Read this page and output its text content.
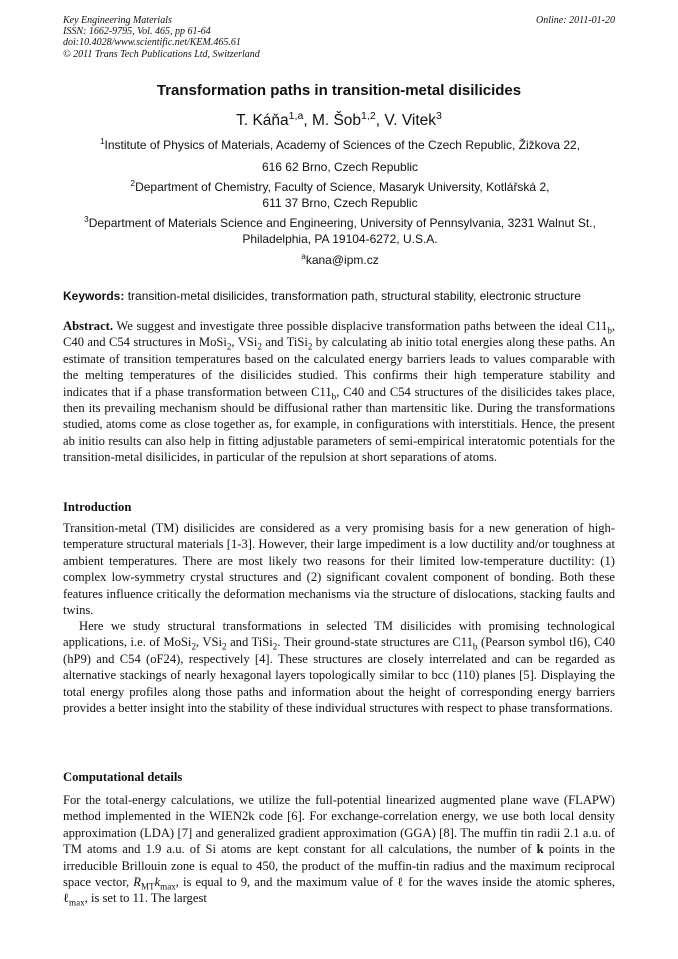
Key Engineering Materials
ISSN: 1662-9795, Vol. 465, pp 61-64
doi:10.4028/www.scientific.net/KEM.465.61
© 2011 Trans Tech Publications Ltd, Switzerland
Online: 2011-01-20
Transformation paths in transition-metal disilicides
T. Káňa$^{1,a}$, M. Šob$^{1,2}$, V. Vitek$^3$
$^1$Institute of Physics of Materials, Academy of Sciences of the Czech Republic, Žižkova 22,
616 62 Brno, Czech Republic
$^2$Department of Chemistry, Faculty of Science, Masaryk University, Kotlářská 2,
611 37 Brno, Czech Republic
$^3$Department of Materials Science and Engineering, University of Pennsylvania, 3231 Walnut St.,
Philadelphia, PA 19104-6272, U.S.A.
$^a$kana@ipm.cz
Keywords: transition-metal disilicides, transformation path, structural stability, electronic structure
Abstract. We suggest and investigate three possible displacive transformation paths between the ideal $C11_b$, C40 and C54 structures in MoSi$_2$, VSi$_2$ and TiSi$_2$ by calculating ab initio total energies along these paths. An estimate of transition temperatures based on the calculated energy barriers leads to values comparable with the melting temperatures of the disilicides studied. This confirms their high temperature stability and indicates that if a phase transformation between $C11_b$, C40 and C54 structures of the disilicides takes place, then its prevailing mechanism should be diffusional rather than martensitic like. During the transformations studied, atoms come as close together as, for example, in configurations with interstitials. Hence, the present ab initio results can also help in fitting adjustable parameters of semi-empirical interatomic potentials for the transition-metal disilicides, in particular of the repulsion at short separations of atoms.
Introduction
Transition-metal (TM) disilicides are considered as a very promising basis for a new generation of high-temperature structural materials [1-3]. However, their large impediment is a low ductility and/or toughness at ambient temperatures. There are most likely two reasons for their limited low-temperature ductility: (1) complex low-symmetry crystal structures and (2) significant covalent component of bonding. Both these features influence critically the deformation mechanisms via the structure of dislocations, stacking faults and twins.
Here we study structural transformations in selected TM disilicides with promising technological applications, i.e. of MoSi$_2$, VSi$_2$ and TiSi$_2$. Their ground-state structures are $C11_b$ (Pearson symbol tI6), C40 (hP9) and C54 (oF24), respectively [4]. These structures are closely interrelated and can be regarded as alternative stackings of nearly hexagonal layers topologically similar to bcc (110) planes [5]. Displaying the total energy profiles along those paths and information about the height of corresponding energy barriers provides a better insight into the stability of these individual structures with respect to phase transformations.
Computational details
For the total-energy calculations, we utilize the full-potential linearized augmented plane wave (FLAPW) method implemented in the WIEN2k code [6]. For exchange-correlation energy, we use both local density approximation (LDA) [7] and generalized gradient approximation (GGA) [8]. The muffin tin radii 2.1 a.u. of TM atoms and 1.9 a.u. of Si atoms are kept constant for all calculations, the number of k points in the irreducible Brillouin zone is equal to 450, the product of the muffin-tin radius and the maximum reciprocal space vector, $R_{MT}k_{max}$, is equal to 9, and the maximum value of ℓ for the waves inside the atomic spheres, ℓ$_{max}$, is set to 11. The largest
